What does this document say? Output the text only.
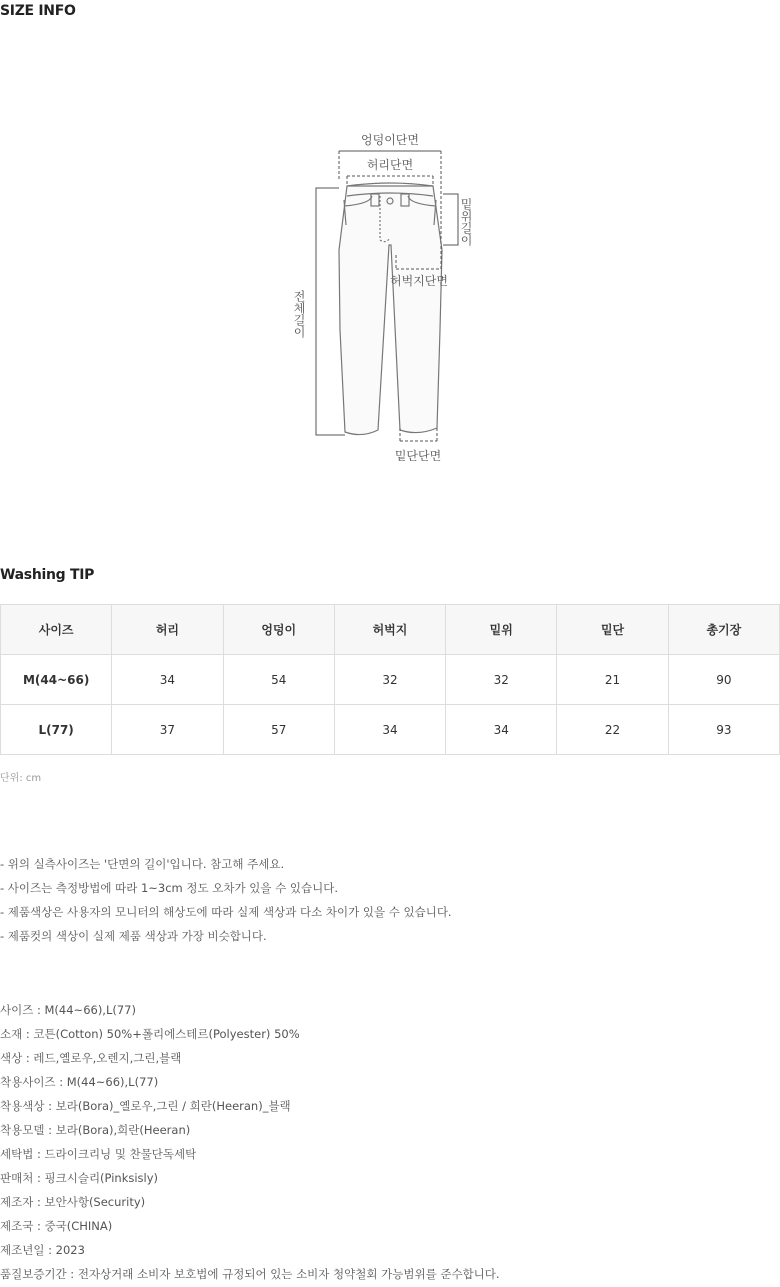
SIZE INFO
엉덩이단면
허리단면
밑위길이
허벅지단면
전체길이
밑단단면
Washing TIP
사이즈	허리	엉덩이	허벅지	밑위	밑단	총기장
M(44~66)	34	54	32	32	21	90
L(77)	37	57	34	34	22	93
단위: cm
- 위의 실측사이즈는 '단면의 길이'입니다. 참고해 주세요.
- 사이즈는 측정방법에 따라 1~3cm 정도 오차가 있을 수 있습니다.
- 제품색상은 사용자의 모니터의 해상도에 따라 실제 색상과 다소 차이가 있을 수 있습니다.
- 제품컷의 색상이 실제 제품 색상과 가장 비슷합니다.
사이즈 : M(44~66),L(77)
소재 : 코튼(Cotton) 50%+폴리에스테르(Polyester) 50%
색상 : 레드,옐로우,오렌지,그린,블랙
착용사이즈 : M(44~66),L(77)
착용색상 : 보라(Bora)_옐로우,그린 / 희란(Heeran)_블랙
착용모델 : 보라(Bora),희란(Heeran)
세탁법 : 드라이크리닝 및 찬물단독세탁
판매처 : 핑크시슬리(Pinksisly)
제조자 : 보안사항(Security)
제조국 : 중국(CHINA)
제조년일 : 2023
품질보증기간 : 전자상거래 소비자 보호법에 규정되어 있는 소비자 청약철회 가능범위를 준수합니다.
